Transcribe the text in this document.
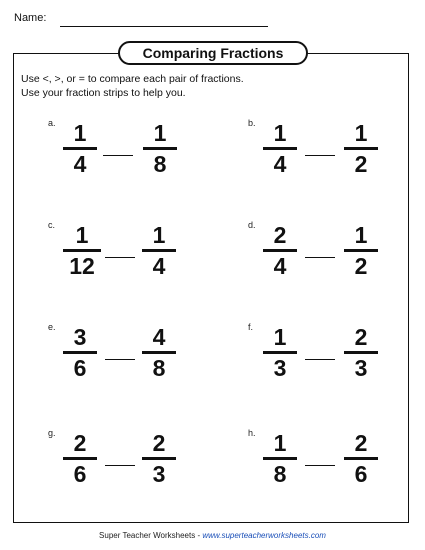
Name:
Comparing Fractions
Use <, >, or = to compare each pair of fractions.
Use your fraction strips to help you.
a. 1
4
1
8
b. 1
4
1
2
c. 1
12
1
4
d. 2
4
1
2
e. 3
6
4
8
f. 1
3
2
3
g. 2
6
2
3
h. 1
8
2
6
Super Teacher Worksheets - www.superteacherworksheets.com
